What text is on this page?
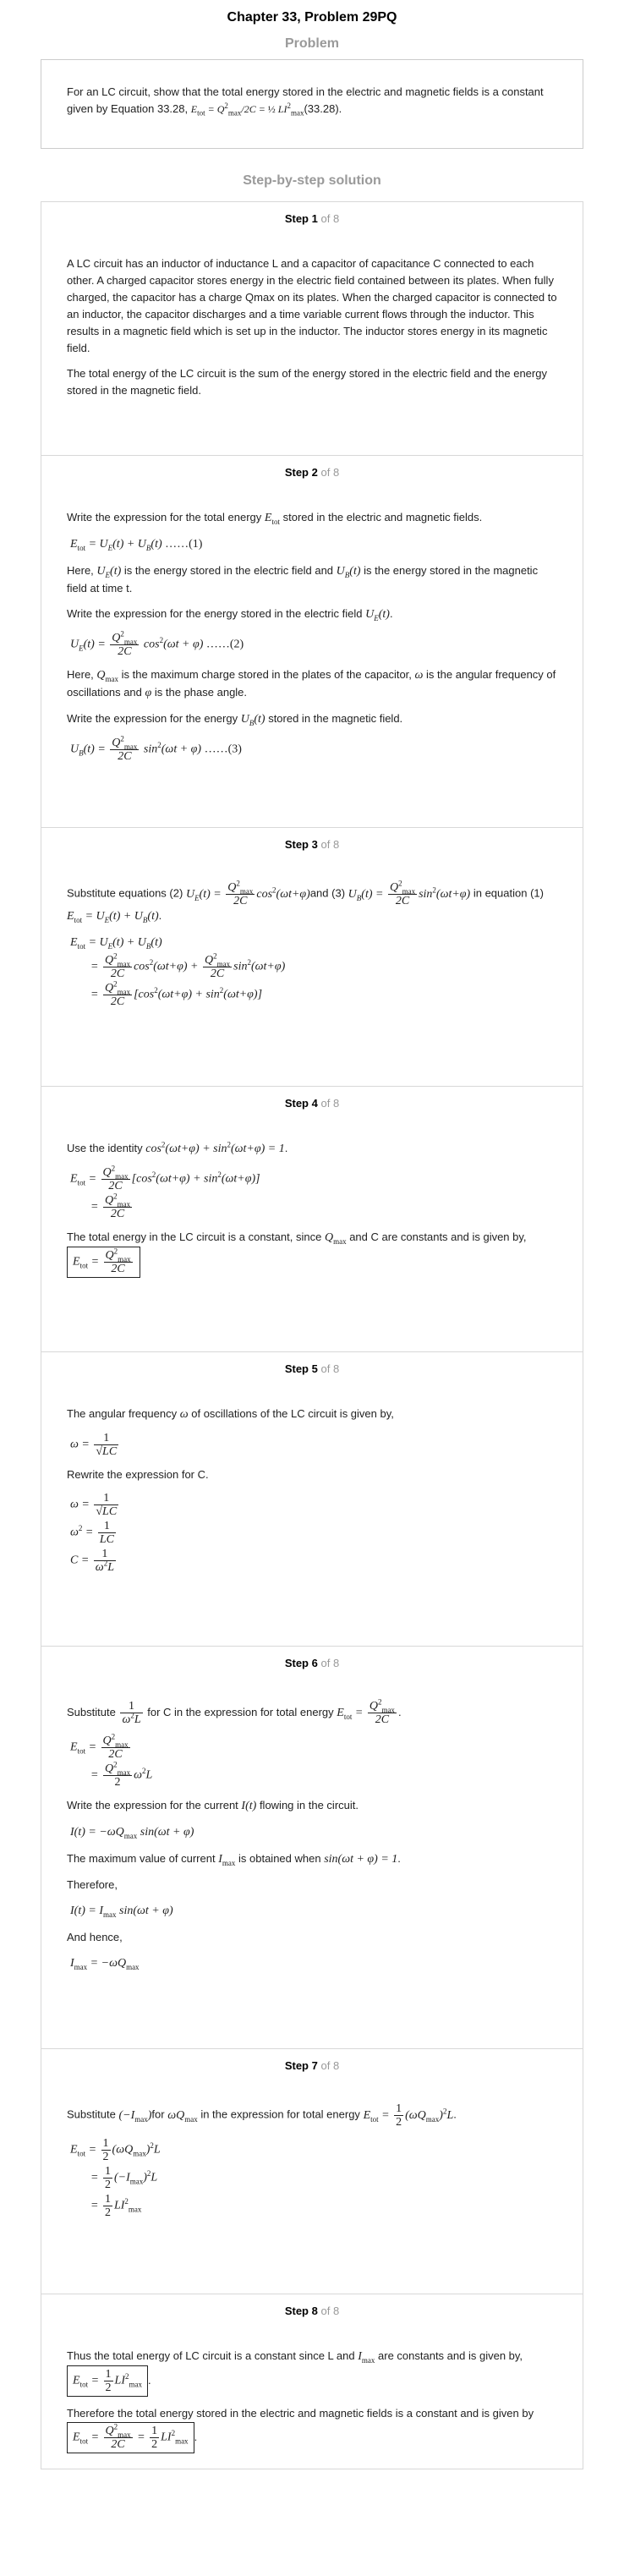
Chapter 33, Problem 29PQ
Problem

For an LC circuit, show that the total energy stored in the electric and magnetic fields is a constant given by Equation 33.28, $E_{tot} = Q^2_{max}/2C$ = ½ $LI^2_{max}(33.28)$.

Step-by-step solution
Step 1 of 8

A LC circuit has an inductor of inductance L and a capacitor of capacitance C connected to each other. A charged capacitor stores energy in the electric field contained between its plates. When fully charged, the capacitor has a charge Qmax on its plates. When the charged capacitor is connected to an inductor, the capacitor discharges and a time variable current flows through the inductor. This results in a magnetic field which is set up in the inductor. The inductor stores energy in its magnetic field.

The total energy of the LC circuit is the sum of the energy stored in the electric field and the energy stored in the magnetic field.

Step 2 of 8

Write the expression for the total energy $E_{tot}$ stored in the electric and magnetic fields.

$E_{tot} = U_E(t) + U_B(t)$ ……(1)

Here, $U_E(t)$ is the energy stored in the electric field and $U_B(t)$ is the energy stored in the magnetic field at time t.

Write the expression for the energy stored in the electric field $U_E(t)$.

$U_E(t)$ =
$Q^2_{max}$
2C
$\cos^2(\omega t + \varphi)$ ……(2)

Here, $Q_{max}$ is the maximum charge stored in the plates of the capacitor, ω is the angular frequency of oscillations and φ is the phase angle.

Write the expression for the energy $U_B(t)$ stored in the magnetic field.

$U_B(t)$ =
$Q^2_{max}$
2C
$\sin^2(\omega t + \varphi)$ ……(3)
Step 3 of 8

Substitute equations (2) $U_E(t)$ =
$Q^2_{max}$
2C
$\cos^2(\omega t+\varphi)and$ (3) $U_B(t)$ =
$Q^2_{max}$
2C
$\sin^2(\omega t+\varphi)$ in equation (1) $E_{tot} = U_E(t) + U_B(t)$.

$E_{tot} = U_E(t) + U_B(t)$
=
$Q^2_{max}$
2C
$\cos^2(\omega t+\varphi)$ +
$Q^2_{max}$
2C
$\sin^2(\omega t+\varphi)$
=
$Q^2_{max}$
2C
$[\cos^2(\omega t+\varphi) + \sin^2(\omega t+\varphi)]$
Step 4 of 8

Use the identity $\cos^2(\omega t+\varphi) + \sin^2(\omega t+\varphi) = 1$.

$E_{tot}$ =
$Q^2_{max}$
2C
$[\cos^2(\omega t+\varphi) + \sin^2(\omega t+\varphi)]$
=
$Q^2_{max}$
2C

The total energy in the LC circuit is a constant, since $Q_{max}$ and C are constants and is given by, $E_{tot}$ =
$Q^2_{max}$
2C

Step 5 of 8

The angular frequency ω of oscillations of the LC circuit is given by,

$\omega = \frac{1}{√LC}$

Rewrite the expression for C.

$\omega = \frac{1}{√LC}$
$\omega^2 = \frac{1}{LC}$
$C = \frac{1}{\omega^2L}$
Step 6 of 8

Substitute $\frac{1}{\omega^2L}$ for C in the expression for total energy $E_{tot}$ =
$Q^2_{max}$
2C
.

$E_{tot}$ =
$Q^2_{max}$
2C
=
$Q^2_{max}$
2
$\omega^2L$

Write the expression for the current I(t) flowing in the circuit.

$I(t) = -\omega Q_{max}$ sin(ωt + φ)

The maximum value of current $I_{max}$ is obtained when sin(ωt + φ) = 1.

Therefore,

$I(t) = I_{max}$ sin(ωt + φ)

And hence,

$I_{max} = -\omega Q_{max}$
Step 7 of 8

Substitute $(-I_{max})for$ $\omega Q_{max}$ in the expression for total energy $E_{tot} = \frac{1}{2} (\omega Q_{max})^2L$.

$E_{tot} = \frac{1}{2} (\omega Q_{max})^2L$
= $\frac{1}{2} (-I_{max})^2L$
= $\frac{1}{2} LI^2_{max}$
Step 8 of 8

Thus the total energy of LC circuit is a constant since L and $I_{max}$ are constants and is given by, $E_{tot} = \frac{1}{2} LI^2_{max}$ .

Therefore the total energy stored in the electric and magnetic fields is a constant and is given by $E_{tot}$ =
$Q^2_{max}$
2C
= $\frac{1}{2} LI^2_{max}$ .
